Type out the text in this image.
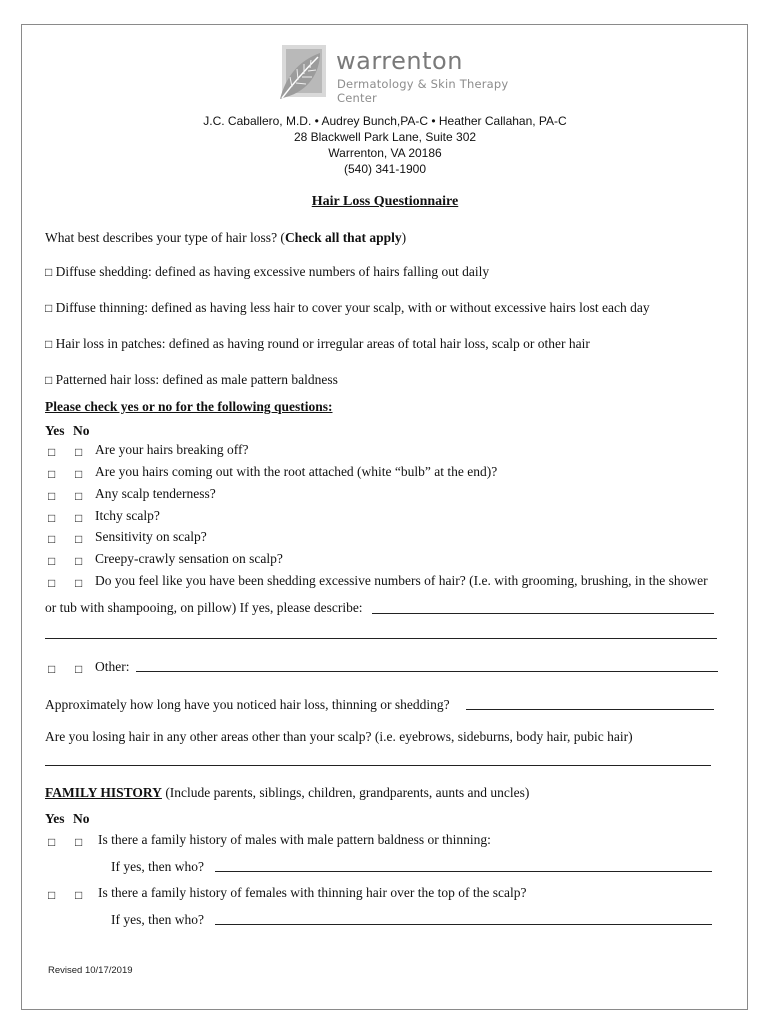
warrenton
Dermatology & Skin Therapy Center
J.C. Caballero, M.D. • Audrey Bunch,PA-C • Heather Callahan, PA-C
28 Blackwell Park Lane, Suite 302
Warrenton, VA 20186
(540) 341-1900
Hair Loss Questionnaire
What best describes your type of hair loss? (Check all that apply)
□ Diffuse shedding: defined as having excessive numbers of hairs falling out daily
□ Diffuse thinning: defined as having less hair to cover your scalp, with or without excessive hairs lost each day
□ Hair loss in patches: defined as having round or irregular areas of total hair loss, scalp or other hair
□ Patterned hair loss: defined as male pattern baldness
Please check yes or no for the following questions:
Yes No
□ □ Are your hairs breaking off?
□ □ Are you hairs coming out with the root attached (white “bulb” at the end)?
□ □ Any scalp tenderness?
□ □ Itchy scalp?
□ □ Sensitivity on scalp?
□ □ Creepy-crawly sensation on scalp?
□ □ Do you feel like you have been shedding excessive numbers of hair? (I.e. with grooming, brushing, in the shower
or tub with shampooing, on pillow) If yes, please describe:
□ □ Other:
Approximately how long have you noticed hair loss, thinning or shedding?
Are you losing hair in any other areas other than your scalp? (i.e. eyebrows, sideburns, body hair, pubic hair)
FAMILY HISTORY (Include parents, siblings, children, grandparents, aunts and uncles)
Yes No
□ □ Is there a family history of males with male pattern baldness or thinning:
If yes, then who?
□ □ Is there a family history of females with thinning hair over the top of the scalp?
If yes, then who?
Revised 10/17/2019
